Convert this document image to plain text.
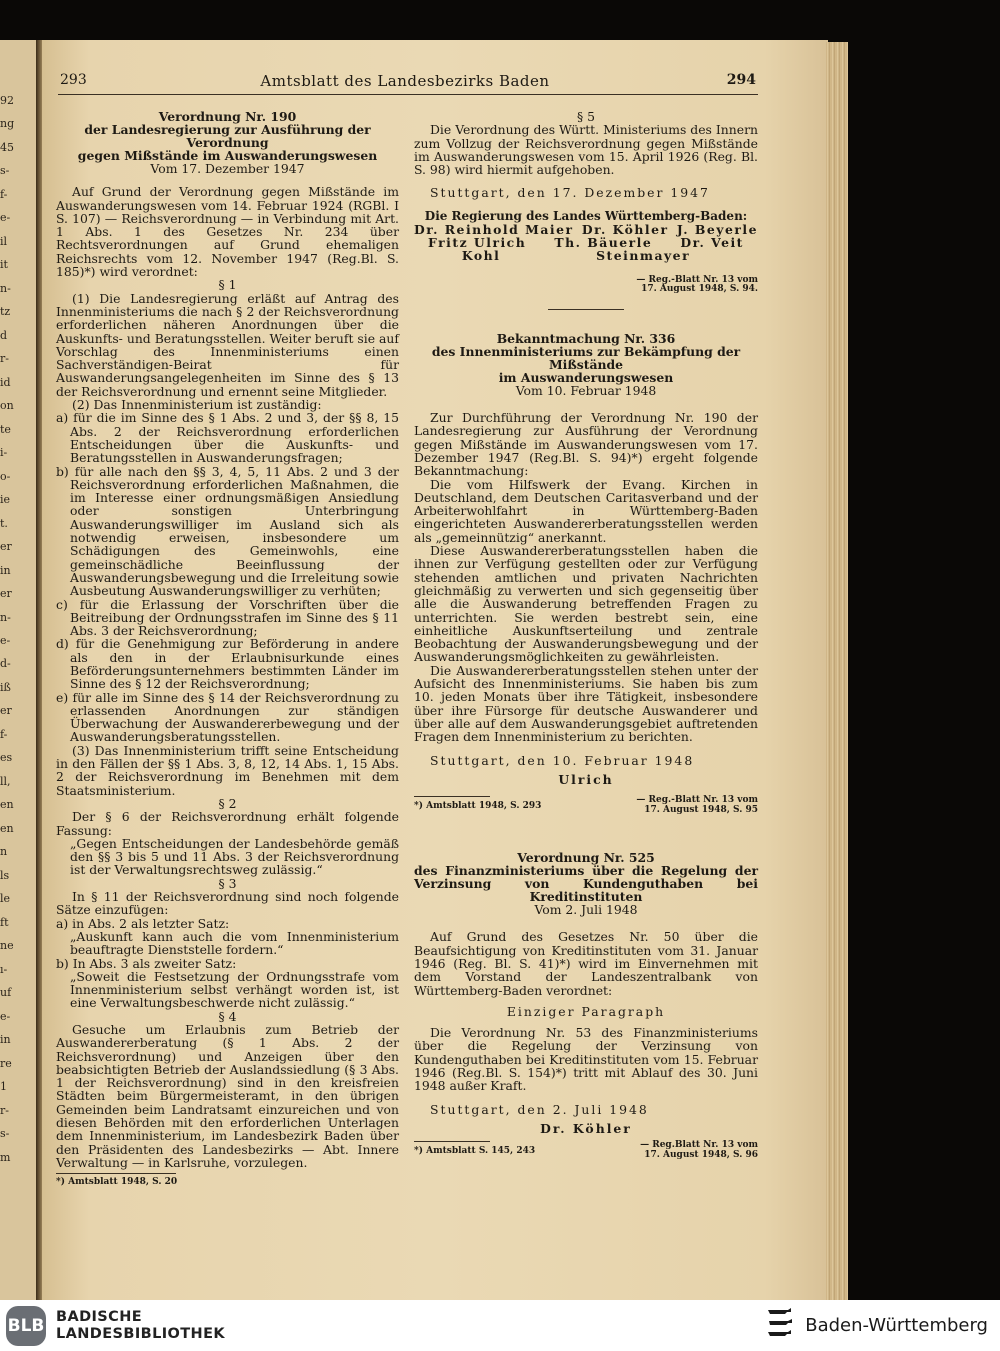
92
ng
45
s-
f-
e-
il
it
n-
tz
d
r-
id
on
te
i-
o-
ie
t.
er
in
er
n-
e-
d-
iß
er
f-
es
ll,
en
en
n
ls
le
ft
ne
ı-
uf
e-
in
re
1
r-
s-
m
293	Amtsblatt des Landesbezirks Baden	294

Verordnung Nr. 190

der Landesregierung zur Ausführung der Verordnung

gegen Mißstände im Auswanderungswesen

Vom 17. Dezember 1947

Auf Grund der Verordnung gegen Mißstände im Auswanderungswesen vom 14. Februar 1924 (RGBl. I S. 107) — Reichsverordnung — in Verbindung mit Art. 1 Abs. 1 des Gesetzes Nr. 234 über Rechtsverordnungen auf Grund ehemaligen Reichsrechts vom 12. November 1947 (Reg.Bl. S. 185)*) wird verordnet:

§ 1

(1) Die Landesregierung erläßt auf Antrag des Innenministeriums die nach § 2 der Reichsverordnung erforderlichen näheren Anordnungen über die Auskunfts- und Beratungsstellen. Weiter beruft sie auf Vorschlag des Innenministeriums einen Sachverständigen-Beirat für Auswanderungsangelegenheiten im Sinne des § 13 der Reichsverordnung und ernennt seine Mitglieder.

(2) Das Innenministerium ist zuständig:

a) für die im Sinne des § 1 Abs. 2 und 3, der §§ 8, 15 Abs. 2 der Reichsverordnung erforderlichen Entscheidungen über die Auskunfts- und Beratungsstellen in Auswanderungsfragen;

b) für alle nach den §§ 3, 4, 5, 11 Abs. 2 und 3 der Reichsverordnung erforderlichen Maßnahmen, die im Interesse einer ordnungsmäßigen Ansiedlung oder sonstigen Unterbringung Auswanderungswilliger im Ausland sich als notwendig erweisen, insbesondere um Schädigungen des Gemeinwohls, eine gemeinschädliche Beeinflussung der Auswanderungsbewegung und die Irreleitung sowie Ausbeutung Auswanderungswilliger zu verhüten;

c) für die Erlassung der Vorschriften über die Beitreibung der Ordnungsstrafen im Sinne des § 11 Abs. 3 der Reichsverordnung;

d) für die Genehmigung zur Beförderung in andere als den in der Erlaubnisurkunde eines Beförderungsunternehmers bestimmten Länder im Sinne des § 12 der Reichsverordnung;

e) für alle im Sinne des § 14 der Reichsverordnung zu erlassenden Anordnungen zur ständigen Überwachung der Auswandererbewegung und der Auswanderungsberatungsstellen.

(3) Das Innenministerium trifft seine Entscheidung in den Fällen der §§ 1 Abs. 3, 8, 12, 14 Abs. 1, 15 Abs. 2 der Reichsverordnung im Benehmen mit dem Staatsministerium.

§ 2

Der § 6 der Reichsverordnung erhält folgende Fassung:

„Gegen Entscheidungen der Landesbehörde gemäß den §§ 3 bis 5 und 11 Abs. 3 der Reichsverordnung ist der Verwaltungsrechtsweg zulässig.“

§ 3

In § 11 der Reichsverordnung sind noch folgende Sätze einzufügen:

a) in Abs. 2 als letzter Satz:

„Auskunft kann auch die vom Innenministerium beauftragte Dienststelle fordern.“

b) In Abs. 3 als zweiter Satz:

„Soweit die Festsetzung der Ordnungsstrafe vom Innenministerium selbst verhängt worden ist, ist eine Verwaltungsbeschwerde nicht zulässig.“

§ 4

Gesuche um Erlaubnis zum Betrieb der Auswandererberatung (§ 1 Abs. 2 der Reichsverordnung) und Anzeigen über den beabsichtigten Betrieb der Auslandssiedlung (§ 3 Abs. 1 der Reichsverordnung) sind in den kreisfreien Städten beim Bürgermeisteramt, in den übrigen Gemeinden beim Landratsamt einzureichen und von diesen Behörden mit den erforderlichen Unterlagen dem Innenministerium, im Landesbezirk Baden über den Präsidenten des Landesbezirks — Abt. Innere Verwaltung — in Karlsruhe, vorzulegen.

*) Amtsblatt 1948, S. 20

§ 5

Die Verordnung des Württ. Ministeriums des Innern zum Vollzug der Reichsverordnung gegen Mißstände im Auswanderungswesen vom 15. April 1926 (Reg. Bl. S. 98) wird hiermit aufgehoben.

Stuttgart, den 17. Dezember 1947

Die Regierung des Landes Württemberg-Baden:

Dr. Reinhold Maier Dr. Köhler J. Beyerle
Fritz Ulrich Th. Bäuerle Dr. Veit
Kohl	Steinmayer

— Reg.-Blatt Nr. 13 vom

17. August 1948, S. 94.

Bekanntmachung Nr. 336

des Innenministeriums zur Bekämpfung der Mißstände

im Auswanderungswesen

Vom 10. Februar 1948

Zur Durchführung der Verordnung Nr. 190 der Landesregierung zur Ausführung der Verordnung gegen Mißstände im Auswanderungswesen vom 17. Dezember 1947 (Reg.Bl. S. 94)*) ergeht folgende Bekanntmachung:

Die vom Hilfswerk der Evang. Kirchen in Deutschland, dem Deutschen Caritasverband und der Arbeiterwohlfahrt in Württemberg-Baden eingerichteten Auswandererberatungsstellen werden als „gemeinnützig“ anerkannt.

Diese Auswandererberatungsstellen haben die ihnen zur Verfügung gestellten oder zur Verfügung stehenden amtlichen und privaten Nachrichten gleichmäßig zu verwerten und sich gegenseitig über alle die Auswanderung betreffenden Fragen zu unterrichten. Sie werden bestrebt sein, eine einheitliche Auskunftserteilung und zentrale Beobachtung der Auswanderungsbewegung und der Auswanderungsmöglichkeiten zu gewährleisten.

Die Auswandererberatungsstellen stehen unter der Aufsicht des Innenministeriums. Sie haben bis zum 10. jeden Monats über ihre Tätigkeit, insbesondere über ihre Fürsorge für deutsche Auswanderer und über alle auf dem Auswanderungsgebiet auftretenden Fragen dem Innenministerium zu berichten.

Stuttgart, den 10. Februar 1948

Ulrich

*) Amtsblatt 1948, S. 293

— Reg.-Blatt Nr. 13 vom

17. August 1948, S. 95

Verordnung Nr. 525

des Finanzministeriums über die Regelung der Verzinsung von Kundenguthaben bei Kreditinstituten

Vom 2. Juli 1948

Auf Grund des Gesetzes Nr. 50 über die Beaufsichtigung von Kreditinstituten vom 31. Januar 1946 (Reg. Bl. S. 41)*) wird im Einvernehmen mit dem Vorstand der Landeszentralbank von Württemberg-Baden verordnet:

Einziger Paragraph

Die Verordnung Nr. 53 des Finanzministeriums über die Regelung der Verzinsung von Kundenguthaben bei Kreditinstituten vom 15. Februar 1946 (Reg.Bl. S. 154)*) tritt mit Ablauf des 30. Juni 1948 außer Kraft.

Stuttgart, den 2. Juli 1948

Dr. Köhler

*) Amtsblatt S. 145, 243

— Reg.Blatt Nr. 13 vom

17. August 1948, S. 96

BLB BADISCHE
LANDESBIBLIOTHEK	Baden-Württemberg
